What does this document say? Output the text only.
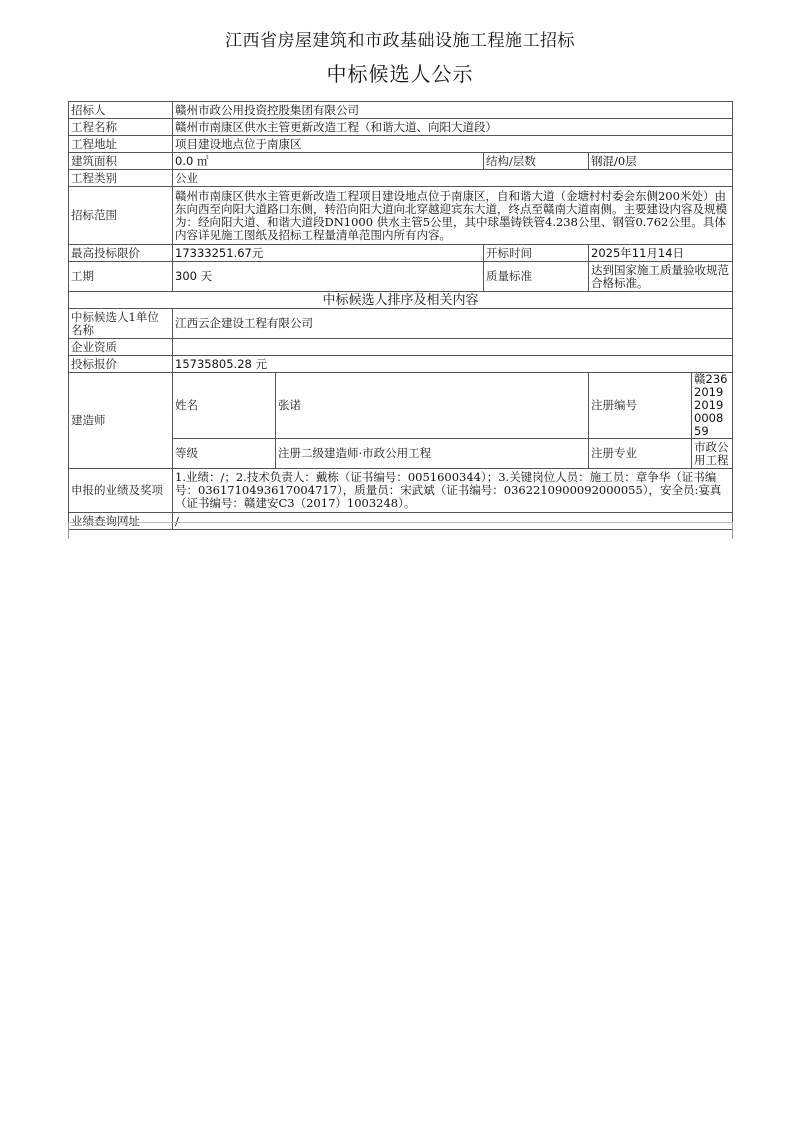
江西省房屋建筑和市政基础设施工程施工招标
中标候选人公示
招标人	赣州市政公用投资控股集团有限公司				
工程名称	赣州市南康区供水主管更新改造工程（和谐大道、向阳大道段）				
工程地址	项目建设地点位于南康区				
建筑面积	0.0 ㎡		结构/层数	钢混/0层	
工程类别	公业				
招标范围	赣州市南康区供水主管更新改造工程项目建设地点位于南康区，自和谐大道（金塘村村委会东侧200米处）由东向西至向阳大道路口东侧，转沿向阳大道向北穿越迎宾东大道，终点至赣南大道南侧。主要建设内容及规模为：经向阳大道、和谐大道段DN1000 供水主管5公里，其中球墨铸铁管4.238公里、钢管0.762公里。具体内容详见施工图纸及招标工程量清单范围内所有内容。				
最高投标限价	17333251.67元		开标时间	2025年11月14日	
工期	300 天		质量标准	达到国家施工质量验收规范合格标准。	
中标候选人排序及相关内容					
中标候选人1单位名称	江西云企建设工程有限公司				
企业资质					
投标报价	15735805.28 元				
建造师	姓名	张诺		注册编号	赣23620192019000859
	等级	注册二级建造师·市政公用工程		注册专业	市政公用工程
申报的业绩及奖项	1.业绩：/；2.技术负责人：戴栋（证书编号：0051600344）；3.关键岗位人员：施工员：章争华（证书编号：0361710493617004717），质量员：宋武斌（证书编号：0362210900092000055），安全员:宴真（证书编号：赣建安C3（2017）1003248）。				
业绩查询网址	/				
